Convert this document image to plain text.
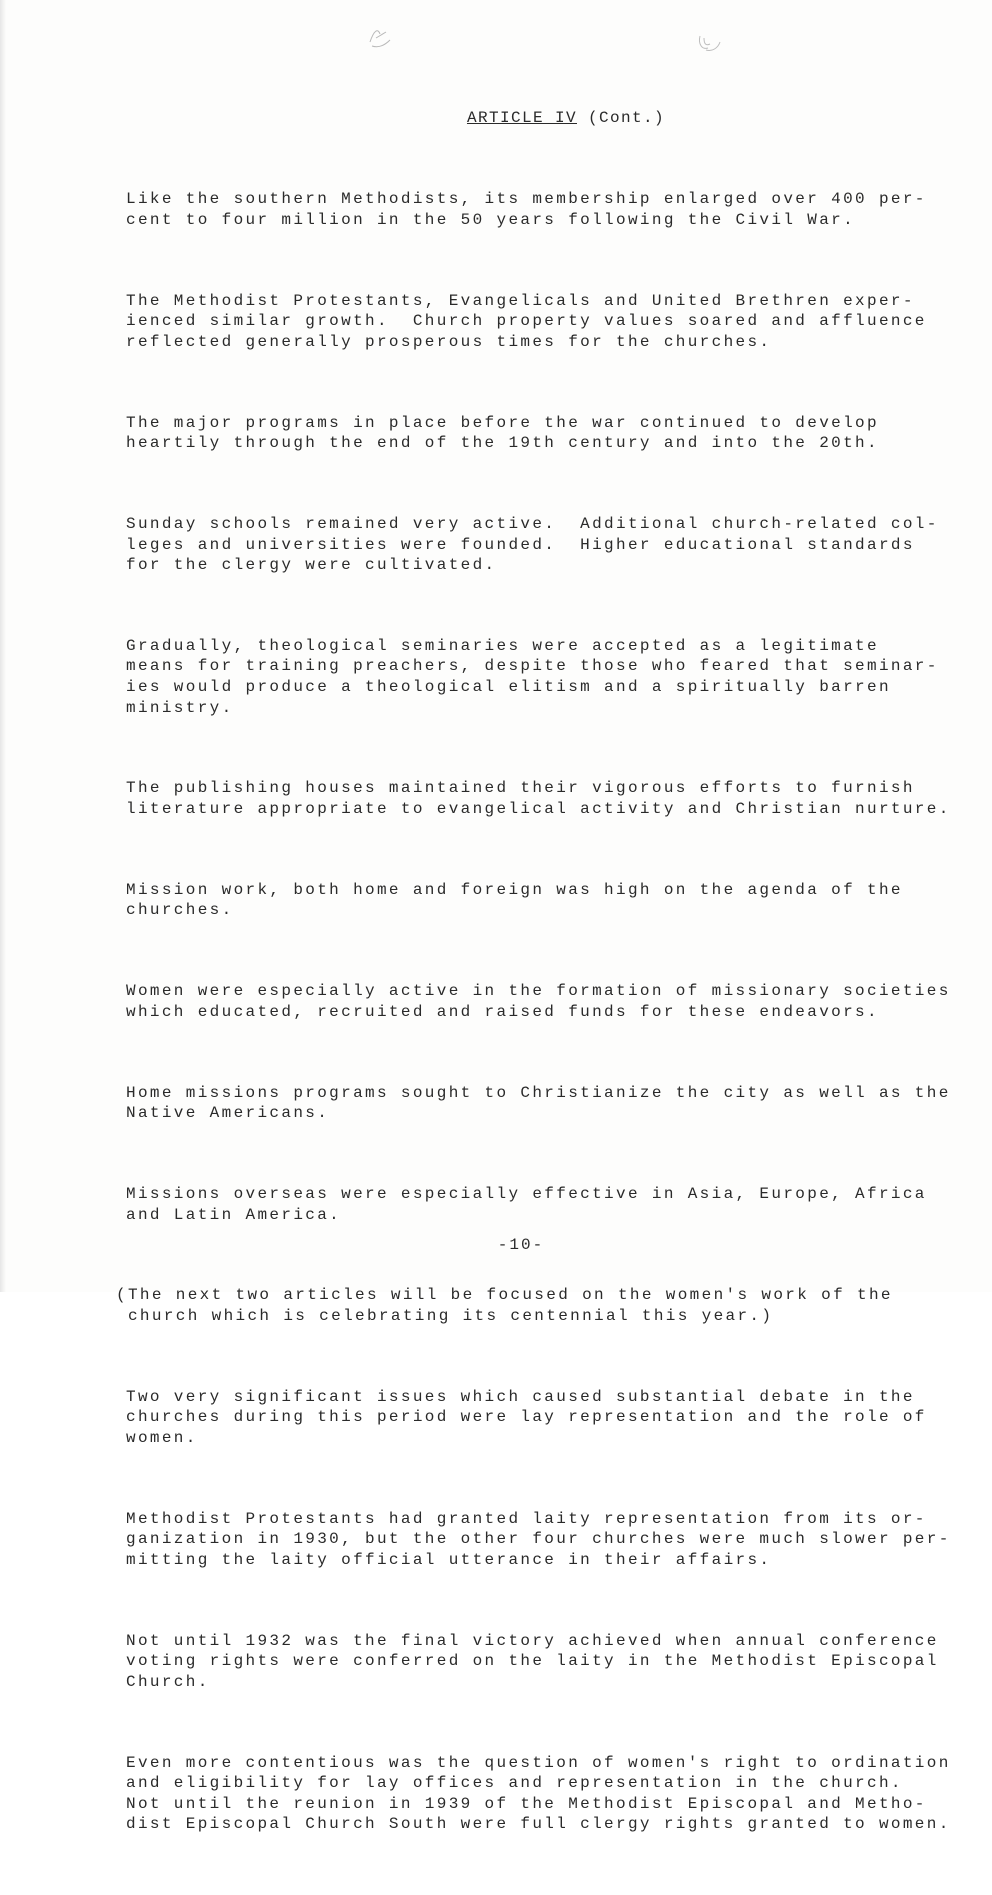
ARTICLE IV (Cont.)

Like the southern Methodists, its membership enlarged over 400 per-
cent to four million in the 50 years following the Civil War.

The Methodist Protestants, Evangelicals and United Brethren exper-
ienced similar growth.  Church property values soared and affluence
reflected generally prosperous times for the churches.

The major programs in place before the war continued to develop
heartily through the end of the 19th century and into the 20th.

Sunday schools remained very active.  Additional church-related col-
leges and universities were founded.  Higher educational standards
for the clergy were cultivated.

Gradually, theological seminaries were accepted as a legitimate
means for training preachers, despite those who feared that seminar-
ies would produce a theological elitism and a spiritually barren
ministry.

The publishing houses maintained their vigorous efforts to furnish
literature appropriate to evangelical activity and Christian nurture.

Mission work, both home and foreign was high on the agenda of the
churches.

Women were especially active in the formation of missionary societies
which educated, recruited and raised funds for these endeavors.

Home missions programs sought to Christianize the city as well as the
Native Americans.

Missions overseas were especially effective in Asia, Europe, Africa
and Latin America.

(The next two articles will be focused on the women's work of the
church which is celebrating its centennial this year.)

Two very significant issues which caused substantial debate in the
churches during this period were lay representation and the role of
women.

Methodist Protestants had granted laity representation from its or-
ganization in 1930, but the other four churches were much slower per-
mitting the laity official utterance in their affairs.

Not until 1932 was the final victory achieved when annual conference
voting rights were conferred on the laity in the Methodist Episcopal
Church.

Even more contentious was the question of women's right to ordination
and eligibility for lay offices and representation in the church.
Not until the reunion in 1939 of the Methodist Episcopal and Metho-
dist Episcopal Church South were full clergy rights granted to women.

-10-
